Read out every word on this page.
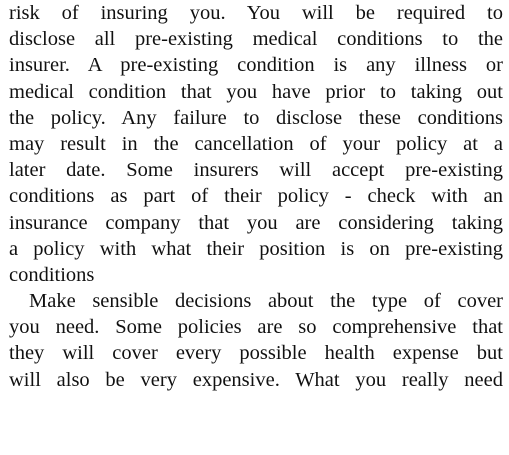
risk of insuring you. You will be required to
disclose all pre-existing medical conditions to the
insurer. A pre-existing condition is any illness or
medical condition that you have prior to taking out
the policy. Any failure to disclose these conditions
may result in the cancellation of your policy at a
later date. Some insurers will accept pre-existing
conditions as part of their policy - check with an
insurance company that you are considering taking
a policy with what their position is on pre-existing
conditions
Make sensible decisions about the type of cover
you need. Some policies are so comprehensive that
they will cover every possible health expense but
will also be very expensive. What you really need
